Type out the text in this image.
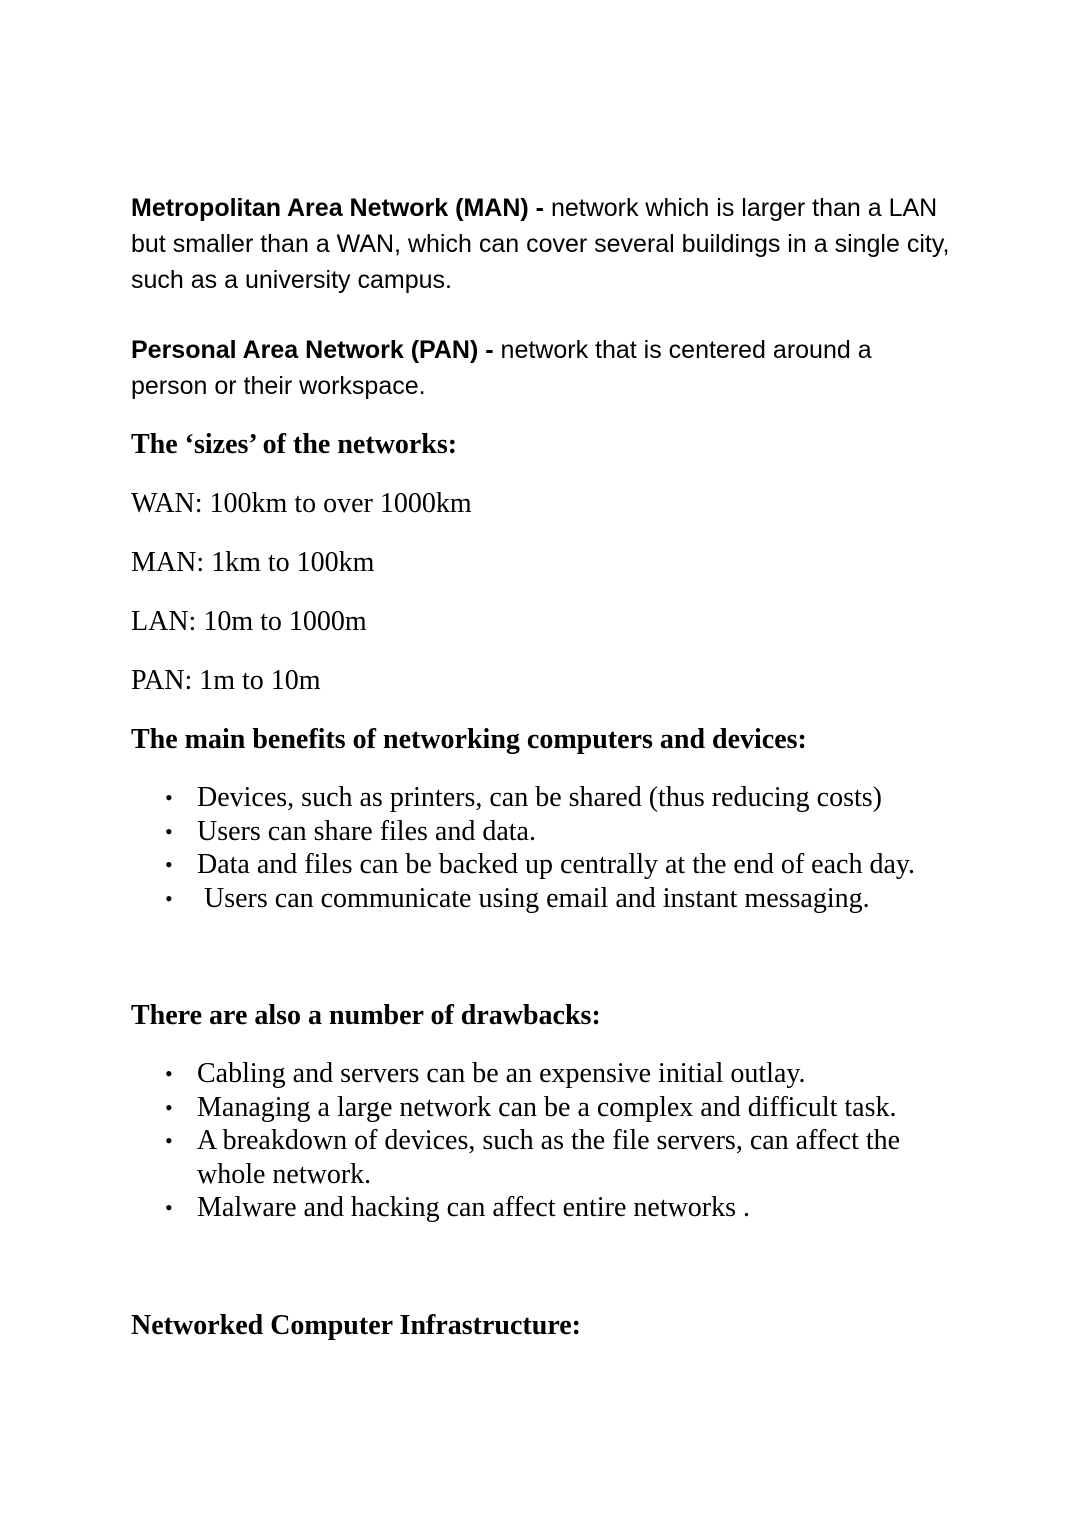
Metropolitan Area Network (MAN) - network which is larger than a LAN but smaller than a WAN, which can cover several buildings in a single city, such as a university campus.

Personal Area Network (PAN) - network that is centered around a person or their workspace.

The ‘sizes’ of the networks:

WAN: 100km to over 1000km

MAN: 1km to 100km

LAN: 10m to 1000m

PAN: 1m to 10m

The main benefits of networking computers and devices:
• Devices, such as printers, can be shared (thus reducing costs)
• Users can share files and data.
• Data and files can be backed up centrally at the end of each day.
• Users can communicate using email and instant messaging.
There are also a number of drawbacks:
• Cabling and servers can be an expensive initial outlay.
• Managing a large network can be a complex and difficult task.
• A breakdown of devices, such as the file servers, can affect the whole network.
• Malware and hacking can affect entire networks .
Networked Computer Infrastructure:
